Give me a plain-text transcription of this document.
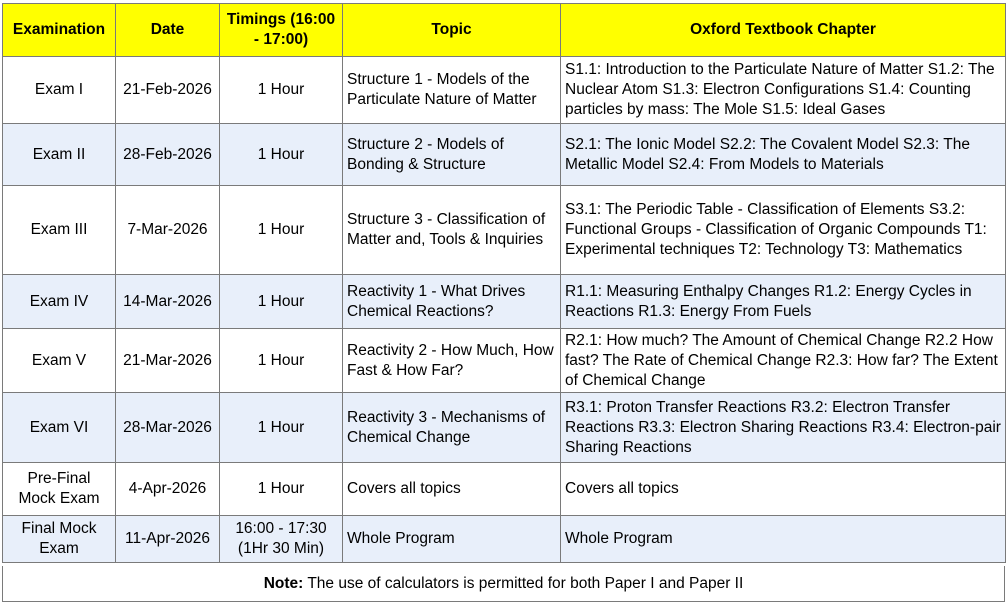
Examination	Date	Timings (16:00 - 17:00)	Topic	Oxford Textbook Chapter
Exam I	21-Feb-2026	1 Hour	Structure 1 - Models of the Particulate Nature of Matter	S1.1: Introduction to the Particulate Nature of Matter S1.2: The Nuclear Atom S1.3: Electron Configurations S1.4: Counting particles by mass: The Mole S1.5: Ideal Gases
Exam II	28-Feb-2026	1 Hour	Structure 2 - Models of Bonding & Structure	S2.1: The Ionic Model S2.2: The Covalent Model S2.3: The Metallic Model S2.4: From Models to Materials
Exam III	7-Mar-2026	1 Hour	Structure 3 - Classification of Matter and, Tools & Inquiries	S3.1: The Periodic Table - Classification of Elements S3.2: Functional Groups - Classification of Organic Compounds T1: Experimental techniques T2: Technology T3: Mathematics
Exam IV	14-Mar-2026	1 Hour	Reactivity 1 - What Drives Chemical Reactions?	R1.1: Measuring Enthalpy Changes R1.2: Energy Cycles in Reactions R1.3: Energy From Fuels
Exam V	21-Mar-2026	1 Hour	Reactivity 2 - How Much, How Fast & How Far?	R2.1: How much? The Amount of Chemical Change R2.2 How fast? The Rate of Chemical Change R2.3: How far? The Extent of Chemical Change
Exam VI	28-Mar-2026	1 Hour	Reactivity 3 - Mechanisms of Chemical Change	R3.1: Proton Transfer Reactions R3.2: Electron Transfer Reactions R3.3: Electron Sharing Reactions R3.4: Electron-pair Sharing Reactions
Pre-Final Mock Exam	4-Apr-2026	1 Hour	Covers all topics	Covers all topics
Final Mock Exam	11-Apr-2026	16:00 - 17:30 (1Hr 30 Min)	Whole Program	Whole Program
Note: The use of calculators is permitted for both Paper I and Paper II
